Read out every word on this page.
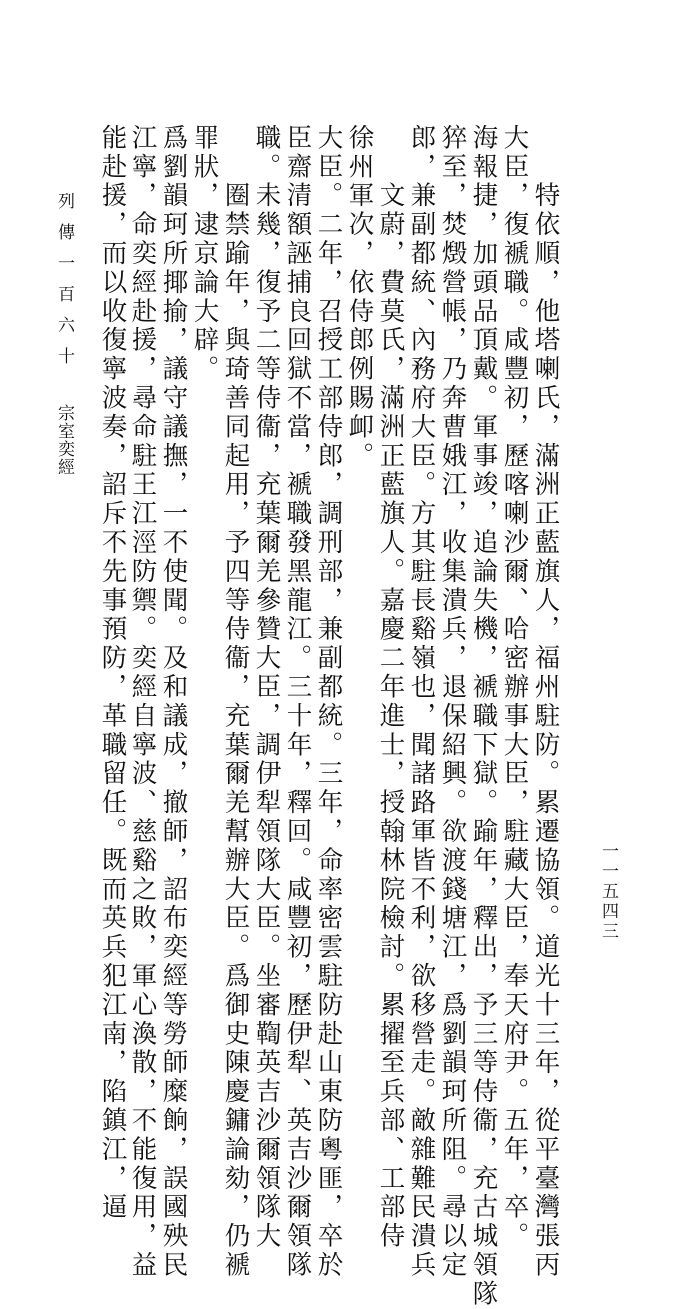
列傳一百六十宗室奕經 能赴援，而以收復寧波奏，詔斥不先事預防，革職留任。既而英兵犯江南，陷鎮江，逼 江寧，命奕經赴援，尋命駐王江涇防禦。奕經自寧波、慈谿之敗，軍心渙散，不能復用，益 爲劉韻珂所揶揄，議守議撫，一不使聞。及和議成，撤師，詔布奕經等勞師糜餉，誤國殃民 罪狀，逮京論大辟。 　　圈禁踰年，與琦善同起用，予四等侍衞，充葉爾羌幫辦大臣。爲御史陳慶鏞論劾，仍褫 職。未幾，復予二等侍衞，充葉爾羌參贊大臣，調伊犁領隊大臣。坐審鞫英吉沙爾領隊大 臣齋清額誣捕良回獄不當，褫職發黑龍江。三十年，釋回。咸豐初，歷伊犁、英吉沙爾領隊 大臣。二年，召授工部侍郎，調刑部，兼副都統。三年，命率密雲駐防赴山東防粵匪，卒於 徐州軍次，依侍郎例賜卹。 　　文蔚，費莫氏，滿洲正藍旗人。嘉慶二年進士，授翰林院檢討。累擢至兵部、工部侍 郎，兼副都統、內務府大臣。方其駐長谿嶺也，聞諸路軍皆不利，欲移營走。敵雜難民潰兵 猝至，焚燬營帳，乃奔曹娥江，收集潰兵，退保紹興。欲渡錢塘江，爲劉韻珂所阻。尋以定 海報捷，加頭品頂戴。軍事竣，追論失機，褫職下獄。踰年，釋出，予三等侍衞，充古城領隊 大臣，復褫職。咸豐初，歷喀喇沙爾、哈密辦事大臣，駐藏大臣，奉天府尹。五年，卒。 　　特依順，他塔喇氏，滿洲正藍旗人，福州駐防。累遷協領。道光十三年，從平臺灣張丙 一一五四三
